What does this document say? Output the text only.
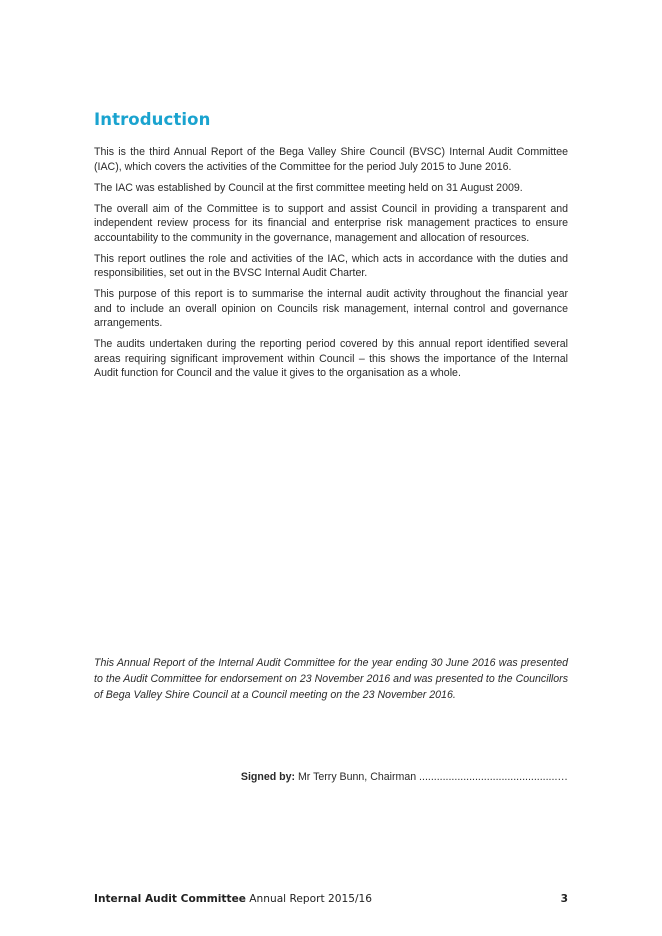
Introduction

This is the third Annual Report of the Bega Valley Shire Council (BVSC) Internal Audit Committee (IAC), which covers the activities of the Committee for the period July 2015 to June 2016.

The IAC was established by Council at the first committee meeting held on 31 August 2009.

The overall aim of the Committee is to support and assist Council in providing a transparent and independent review process for its financial and enterprise risk management practices to ensure accountability to the community in the governance, management and allocation of resources.

This report outlines the role and activities of the IAC, which acts in accordance with the duties and responsibilities, set out in the BVSC Internal Audit Charter.

This purpose of this report is to summarise the internal audit activity throughout the financial year and to include an overall opinion on Councils risk management, internal control and governance arrangements.

The audits undertaken during the reporting period covered by this annual report identified several areas requiring significant improvement within Council – this shows the importance of the Internal Audit function for Council and the value it gives to the organisation as a whole.

This Annual Report of the Internal Audit Committee for the year ending 30 June 2016 was presented to the Audit Committee for endorsement on 23 November 2016 and was presented to the Councillors of Bega Valley Shire Council at a Council meeting on the 23 November 2016.

Signed by: Mr Terry Bunn, Chairman ...............................................…
Internal Audit Committee Annual Report 2015/16	3
